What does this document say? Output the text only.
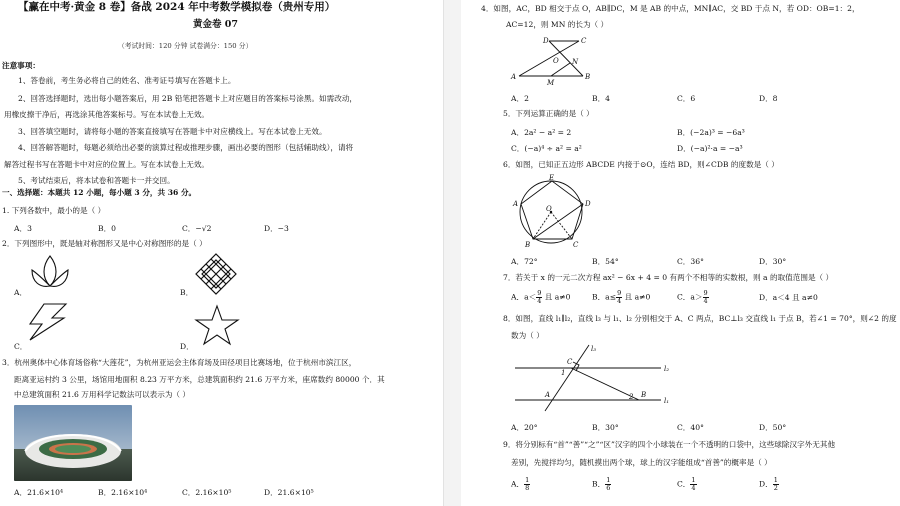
【赢在中考·黄金 8 卷】备战 2024 年中考数学模拟卷（贵州专用）
黄金卷 07
（考试时间：120 分钟 试卷满分：150 分）
注意事项：
1、答卷前，考生务必将自己的姓名、准考证号填写在答题卡上。
2、回答选择题时，选出每小题答案后，用 2B 铅笔把答题卡上对应题目的答案标号涂黑。如需改动，
用橡皮擦干净后，再选涂其他答案标号。写在本试卷上无效。
3、回答填空题时，请将每小题的答案直接填写在答题卡中对应横线上。写在本试卷上无效。
4、回答解答题时，每题必须给出必要的演算过程或推理步骤，画出必要的图形（包括辅助线），请将
解答过程书写在答题卡中对应的位置上。写在本试卷上无效。
5、考试结束后，将本试卷和答题卡一并交回。
一、选择题：本题共 12 小题，每小题 3 分，共 36 分。
1. 下列各数中，最小的是（ ）
A．3	B．0	C．−√2	D．−3
2．下列图形中，既是轴对称图形又是中心对称图形的是（ ）
A．	B．
C．	D．
3．杭州奥体中心体育场俗称“大莲花”，为杭州亚运会主体育场及田径项目比赛场地，位于杭州市滨江区，
距离亚运村约 3 公里，场馆用地面积 8.23 万平方米，总建筑面积约 21.6 万平方米，座席数约 80000 个．其
中总建筑面积 21.6 万用科学记数法可以表示为（ ）
A．21.6×10⁴	B．2.16×10⁴	C．2.16×10⁵	D．21.6×10⁵
4．如图，AC，BD 相交于点 O，AB∥DC，M 是 AB 的中点，MN∥AC，交 BD 于点 N，若 OD：OB=1：2，
AC=12，则 MN 的长为（ ）
D	C
O N
A
M
B
A．2	B．4	C．6	D．8
5．下列运算正确的是（ ）
A．2a² − a² = 2	B．(−2a)³ = −6a³
C．(−a)⁴ ÷ a² = a²	D．(−a)²·a = −a³
6．如图，已知正五边形 ABCDE 内接于⊙O，连结 BD，则∠CDB 的度数是（ ）
E
A	D
O
B	C
A．72°	B．54°	C．36°	D．30°
7．若关于 x 的一元二次方程 ax² − 6x + 4 = 0 有两个不相等的实数根，则 a 的取值范围是（ ）
A．$a< \frac{9}{4}$ 且 a≠0	B．$a\le \frac{9}{4}$ 且 a≠0	C．$a> \frac{9}{4}$	D．a＜4 且 a≠0
8．如图，直线 l₁∥l₂，直线 l₃ 与 l₁、l₂ 分别相交于 A、C 两点，BC⊥l₃ 交直线 l₁ 于点 B，若∠1 = 70°，则∠2 的度
数为（ ）
l₃
C
l₂
1
A	B
2	l₁
A．20°	B．30°	C．40°	D．50°
9．将分别标有“首”“善”“之”“区”汉字的四个小球装在一个不透明的口袋中，这些球除汉字外无其他
差别，先搅拌均匀，随机摸出两个球，球上的汉字能组成“首善”的概率是（ ）
A． $\frac{1}{8}$	B． $\frac{1}{6}$	C． $\frac{1}{4}$	D． $\frac{1}{2}$
